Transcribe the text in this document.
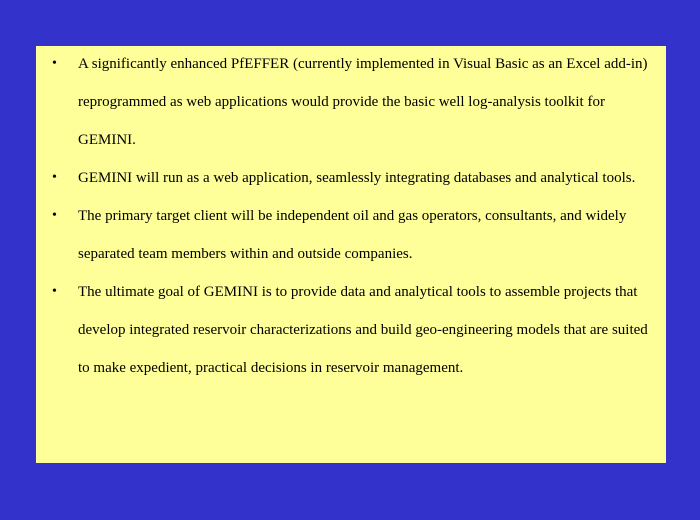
• A significantly enhanced PfEFFER (currently implemented in Visual Basic as an Excel add-in) reprogrammed as web applications would provide the basic well log-analysis toolkit for GEMINI.
• GEMINI will run as a web application, seamlessly integrating databases and analytical tools.
• The primary target client will be independent oil and gas operators, consultants, and widely separated team members within and outside companies.
• The ultimate goal of GEMINI is to provide data and analytical tools to assemble projects that develop integrated reservoir characterizations and build geo-engineering models that are suited to make expedient, practical decisions in reservoir management.
